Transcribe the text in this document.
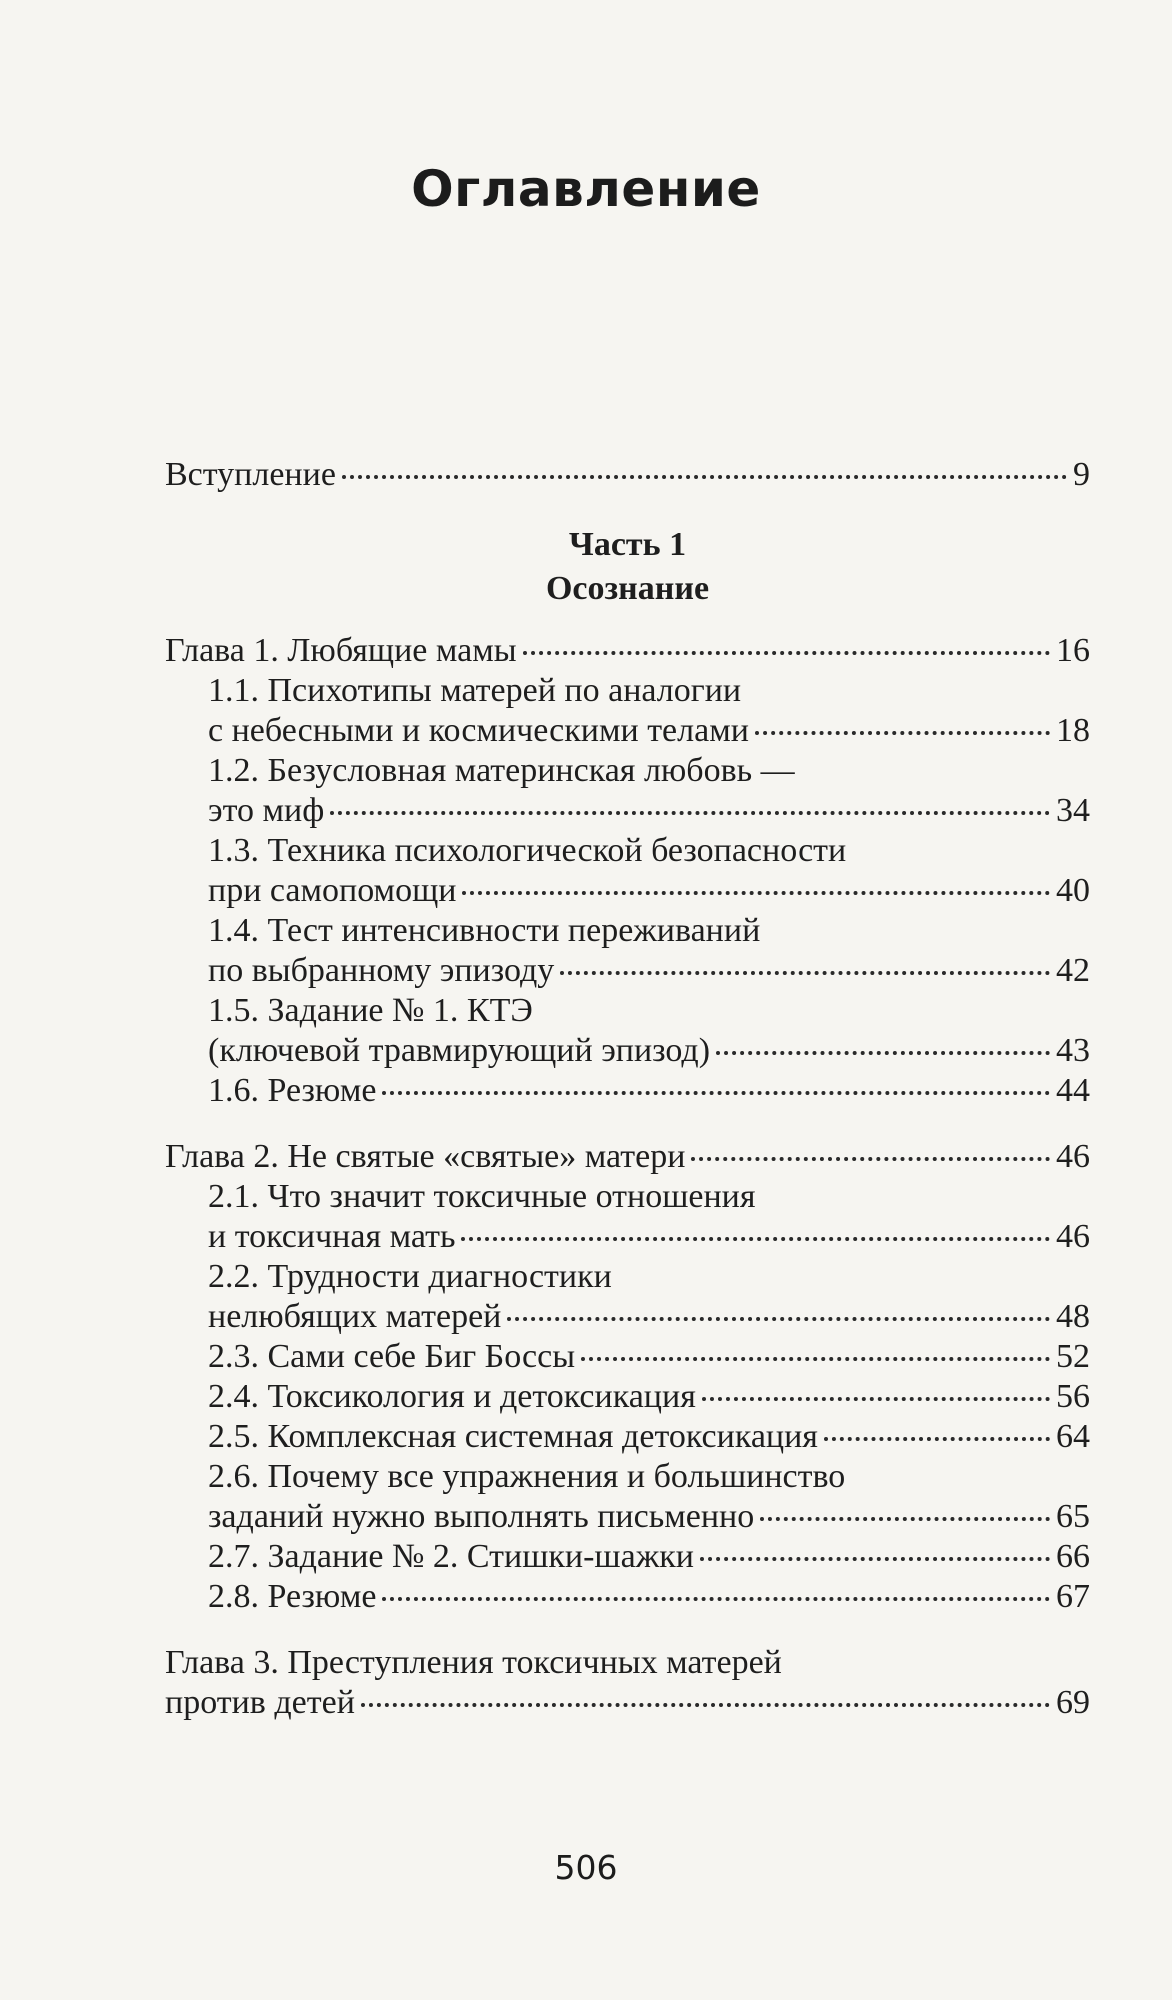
Оглавление
Вступление	9
Часть 1
Осознание
Глава 1. Любящие мамы	16
1.1. Психотипы матерей по аналогии
с небесными и космическими телами	18
1.2. Безусловная материнская любовь —
это миф	34
1.3. Техника психологической безопасности
при самопомощи	40
1.4. Тест интенсивности переживаний
по выбранному эпизоду	42
1.5. Задание № 1. КТЭ
(ключевой травмирующий эпизод)	43
1.6. Резюме	44
Глава 2. Не святые «святые» матери	46
2.1. Что значит токсичные отношения
и токсичная мать	46
2.2. Трудности диагностики
нелюбящих матерей	48
2.3. Сами себе Биг Боссы	52
2.4. Токсикология и детоксикация	56
2.5. Комплексная системная детоксикация	64
2.6. Почему все упражнения и большинство
заданий нужно выполнять письменно	65
2.7. Задание № 2. Стишки-шажки	66
2.8. Резюме	67
Глава 3. Преступления токсичных матерей
против детей	69
506
